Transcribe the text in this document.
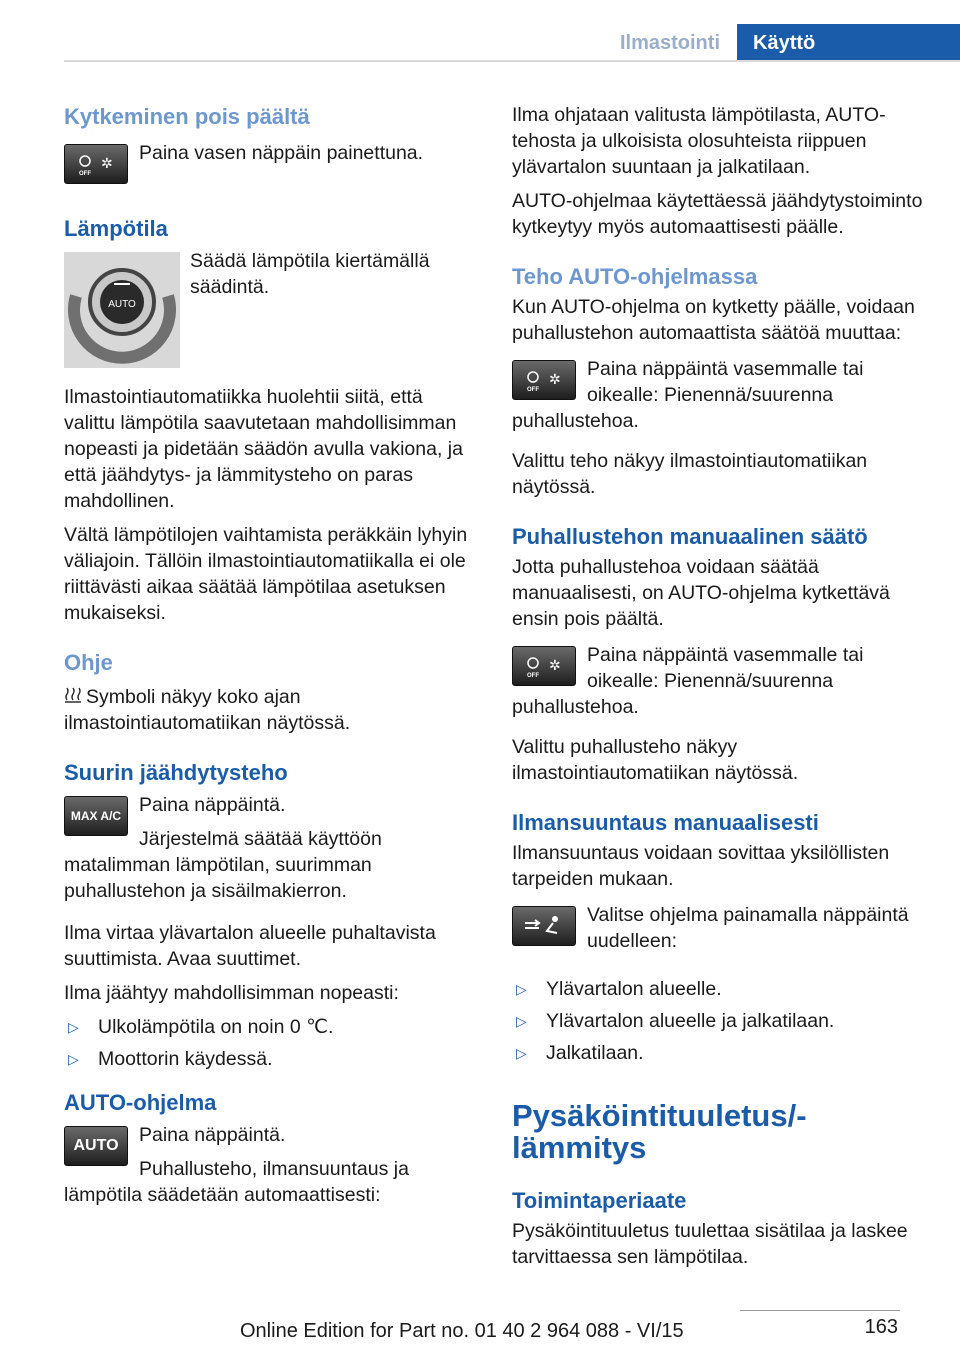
Ilmastointi	Käyttö
Kytkeminen pois päältä
OFF
✲	Paina vasen näppäin painettuna.

Lämpötila
AUTO

Säädä lämpötila kiertämällä säädintä.

Ilmastointiautomatiikka huolehtii siitä, että valittu lämpötila saavutetaan mahdollisimman nopeasti ja pidetään säädön avulla vakiona, ja että jäähdytys- ja lämmitysteho on paras mahdollinen.

Vältä lämpötilojen vaihtamista peräkkäin lyhyin väliajoin. Tällöin ilmastointiautomatiikalla ei ole riittävästi aikaa säätää lämpötilaa asetuksen mukaiseksi.

Ohje

Symboli näkyy koko ajan ilmastointiautomatiikan näytössä.

Suurin jäähdytysteho
MAX A/C Paina näppäintä.

Järjestelmä säätää käyttöön matalimman lämpötilan, suurimman puhallustehon ja sisäilmakierron.

Ilma virtaa ylävartalon alueelle puhaltavista suuttimista. Avaa suuttimet.

Ilma jäähtyy mahdollisimman nopeasti:

▷ Ulkolämpötila on noin 0 ℃.
▷ Moottorin käydessä.
AUTO-ohjelma
AUTO	Paina näppäintä.

Puhallusteho, ilmansuuntaus ja lämpötila säädetään automaattisesti:

Ilma ohjataan valitusta lämpötilasta, AUTO-tehosta ja ulkoisista olosuhteista riippuen ylävartalon suuntaan ja jalkatilaan.

AUTO-ohjelmaa käytettäessä jäähdytystoiminto kytkeytyy myös automaattisesti päälle.

Teho AUTO-ohjelmassa

Kun AUTO-ohjelma on kytketty päälle, voidaan puhallustehon automaattista säätöä muuttaa:

OFF
✲	Paina näppäintä vasemmalle tai oikealle: Pienennä/suurenna puhallustehoa.

Valittu teho näkyy ilmastointiautomatiikan näytössä.

Puhallustehon manuaalinen säätö

Jotta puhallustehoa voidaan säätää manuaalisesti, on AUTO-ohjelma kytkettävä ensin pois päältä.

OFF
✲	Paina näppäintä vasemmalle tai oikealle: Pienennä/suurenna puhallustehoa.

Valittu puhallusteho näkyy ilmastointiautomatiikan näytössä.

Ilmansuuntaus manuaalisesti

Ilmansuuntaus voidaan sovittaa yksilöllisten tarpeiden mukaan.

Valitse ohjelma painamalla näppäintä uudelleen:

▷ Ylävartalon alueelle.
▷ Ylävartalon alueelle ja jalkatilaan.
▷ Jalkatilaan.
Pysäköintituuletus/-lämmitys
Toimintaperiaate

Pysäköintituuletus tuulettaa sisätilaa ja laskee tarvittaessa sen lämpötilaa.

163
Online Edition for Part no. 01 40 2 964 088 - VI/15
